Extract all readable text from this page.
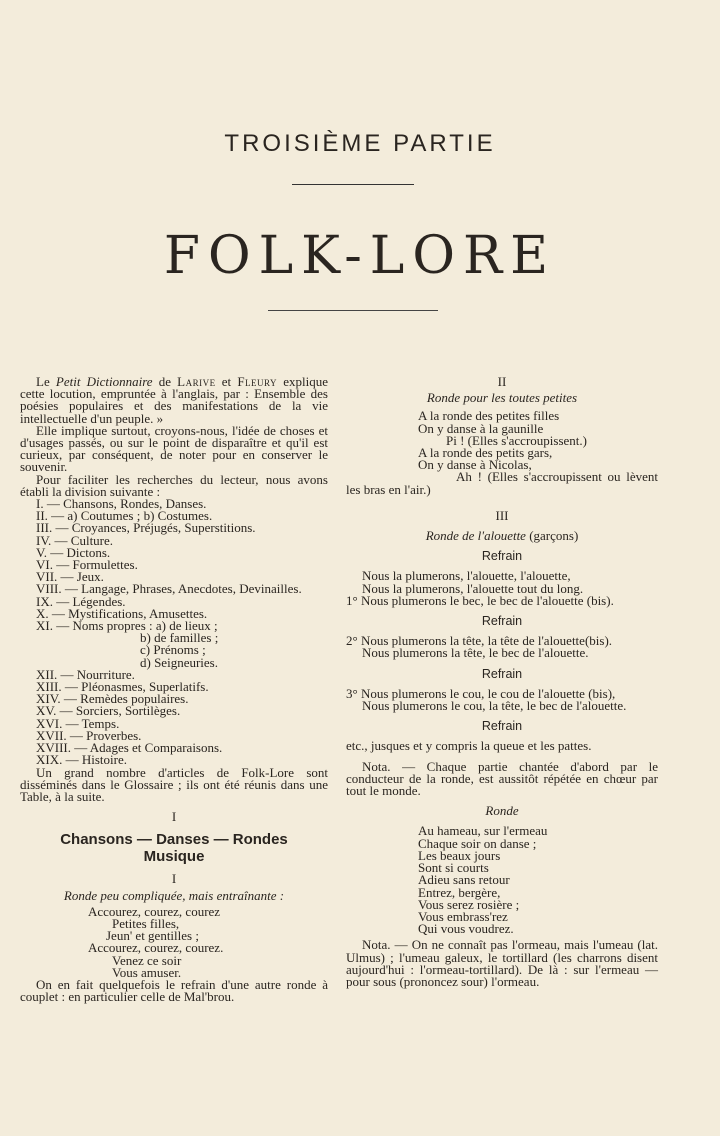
TROISIÈME PARTIE
FOLK-LORE

Le Petit Dictionnaire de Larive et Fleury explique cette locution, empruntée à l'anglais, par : Ensemble des poésies populaires et des manifestations de la vie intellectuelle d'un peuple. »

Elle implique surtout, croyons-nous, l'idée de choses et d'usages passés, ou sur le point de disparaître et qu'il est curieux, par conséquent, de noter pour en conserver le souvenir.

Pour faciliter les recherches du lecteur, nous avons établi la division suivante :

I. — Chansons, Rondes, Danses.
II. — a) Coutumes ; b) Costumes.
III. — Croyances, Préjugés, Superstitions.
IV. — Culture.
V. — Dictons.
VI. — Formulettes.
VII. — Jeux.
VIII. — Langage, Phrases, Anecdotes, Devinailles.
IX. — Légendes.
X. — Mystifications, Amusettes.
XI. — Noms propres : a) de lieux ;
b) de familles ;
c) Prénoms ;
d) Seigneuries.
XII. — Nourriture.
XIII. — Pléonasmes, Superlatifs.
XIV. — Remèdes populaires.
XV. — Sorciers, Sortilèges.
XVI. — Temps.
XVII. — Proverbes.
XVIII. — Adages et Comparaisons.
XIX. — Histoire.

Un grand nombre d'articles de Folk-Lore sont disséminés dans le Glossaire ; ils ont été réunis dans une Table, à la suite.

I
Chansons — Danses — Rondes
Musique
I
Ronde peu compliquée, mais entraînante :
Accourez, courez, courez
Petites filles,
Jeun' et gentilles ;
Accourez, courez, courez.
Venez ce soir
Vous amuser.

On en fait quelquefois le refrain d'une autre ronde à couplet : en particulier celle de Mal'brou.

II
Ronde pour les toutes petites
A la ronde des petites filles
On y danse à la gaunille
Pi ! (Elles s'accroupissent.)
A la ronde des petits gars,
On y danse à Nicolas,
Ah ! (Elles s'accroupissent ou lèvent les bras en l'air.)
III
Ronde de l'alouette (garçons)
Refrain
Nous la plumerons, l'alouette, l'alouette,
Nous la plumerons, l'alouette tout du long.
1° Nous plumerons le bec, le bec de l'alouette (bis).
Refrain
2° Nous plumerons la tête, la tête de l'alouette(bis).
Nous plumerons la tête, le bec de l'alouette.
Refrain
3° Nous plumerons le cou, le cou de l'alouette (bis),
Nous plumerons le cou, la tête, le bec de l'alouette.
Refrain
etc., jusques et y compris la queue et les pattes.

Nota. — Chaque partie chantée d'abord par le conducteur de la ronde, est aussitôt répétée en chœur par tout le monde.

Ronde
Au hameau, sur l'ermeau
Chaque soir on danse ;
Les beaux jours
Sont si courts
Adieu sans retour
Entrez, bergère,
Vous serez rosière ;
Vous embrass'rez
Qui vous voudrez.

Nota. — On ne connaît pas l'ormeau, mais l'umeau (lat. Ulmus) ; l'umeau galeux, le tortillard (les charrons disent aujourd'hui : l'ormeau-tortillard). De là : sur l'ermeau — pour sous (prononcez sour) l'ormeau.
